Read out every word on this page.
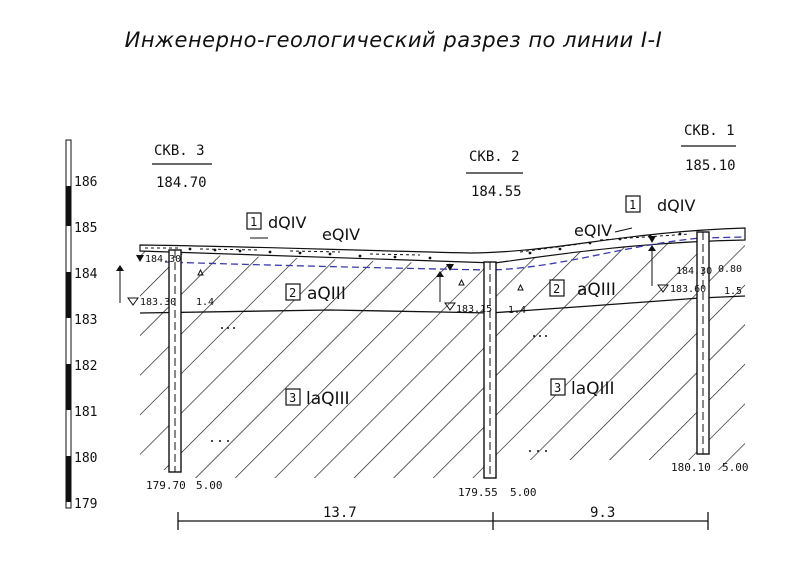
Инженерно-геологический разрез по линии I-I
186
185
184
183
182
181
180
179
СКВ. 3
184.70
СКВ. 2
184.55
СКВ. 1
185.10
184.30
183.30 1.4
183.15 1.4
184.30
183.60
0.80
1.5
1 dQIV
eQIV
1 dQIV
eQIV
2 aQIII	2 aQIII
3 laQIII
3 laQIII
179.70 5.00
179.55 5.00
180.10 5.00
13.7	9.3
